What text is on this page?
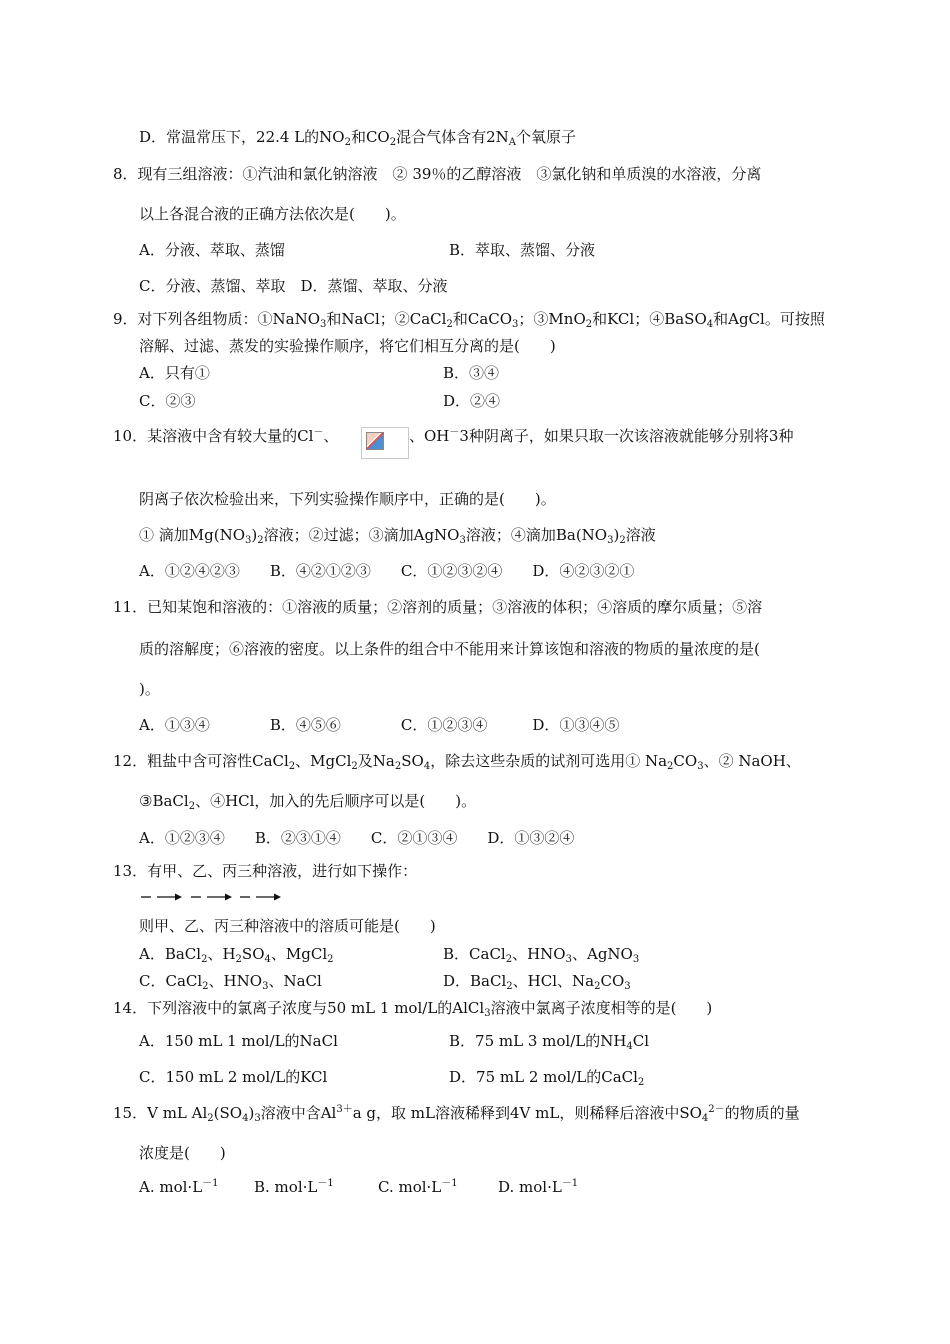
D．常温常压下，22.4 L的$NO_2$和$CO_2$混合气体含有$2N_A$个氧原子
8．现有三组溶液：①汽油和氯化钠溶液　② 39％的乙醇溶液　③氯化钠和单质溴的水溶液，分离
以上各混合液的正确方法依次是(　　)。
A．分液、萃取、蒸馏	B．萃取、蒸馏、分液
C．分液、蒸馏、萃取　D．蒸馏、萃取、分液
9．对下列各组物质：①NaNO$_3$和NaCl；②CaCl$_2$和CaCO$_3$；③MnO$_2$和KCl；④BaSO$_4$和AgCl。可按照
溶解、过滤、蒸发的实验操作顺序，将它们相互分离的是(　　)
A．只有①	B．③④
C．②③	D．②④
10．某溶液中含有较大量的Cl－、	、OH－3种阴离子，如果只取一次该溶液就能够分别将3种
阴离子依次检验出来，下列实验操作顺序中，正确的是(　　)。
① 滴加$Mg(NO_3)_2$溶液；②过滤；③滴加AgNO$_3$溶液；④滴加$Ba(NO_3)_2$溶液
A．①②④②③　　B．④②①②③　　C．①②③②④　　D．④②③②①
11．已知某饱和溶液的：①溶液的质量；②溶剂的质量；③溶液的体积；④溶质的摩尔质量；⑤溶
质的溶解度；⑥溶液的密度。以上条件的组合中不能用来计算该饱和溶液的物质的量浓度的是(
)。
A．①③④　　　　B．④⑤⑥　　　　C．①②③④　　　D．①③④⑤
12．粗盐中含可溶性CaCl$_2$、MgCl$_2$及$Na_2SO_4$，除去这些杂质的试剂可选用① $Na_2CO_3$、② NaOH、
③BaCl$_2$、④HCl，加入的先后顺序可以是(　　)。
A．①②③④　　B．②③①④　　C．②①③④　　D．①③②④
13．有甲、乙、丙三种溶液，进行如下操作：
则甲、乙、丙三种溶液中的溶质可能是(　　)
A．BaCl$_2$、$H_2SO_4$、MgCl$_2$	B．CaCl$_2$、$HNO_3$、AgNO$_3$
C．CaCl$_2$、$HNO_3$、NaCl	D．BaCl$_2$、HCl、$Na_2CO_3$
14．下列溶液中的氯离子浓度与50 mL 1 mol/L的AlCl$_3$溶液中氯离子浓度相等的是(　　)
A．150 mL 1 mol/L的NaCl	B．75 mL 3 mol/L的$NH_4Cl$
C．150 mL 2 mol/L的KCl	D．75 mL 2 mol/L的CaCl$_2$
15．V mL $Al_2(SO_4)_3$溶液中含$Al^{3+}a$ g，取 mL溶液稀释到4V mL，则稀释后溶液中$SO_4^{2-}$的物质的量
浓度是(　　)
A. $mol\cdot L^{-1}$ B. $mol\cdot L^{-1}$	C. $mol\cdot L^{-1}$	D. $mol\cdot L^{-1}$
